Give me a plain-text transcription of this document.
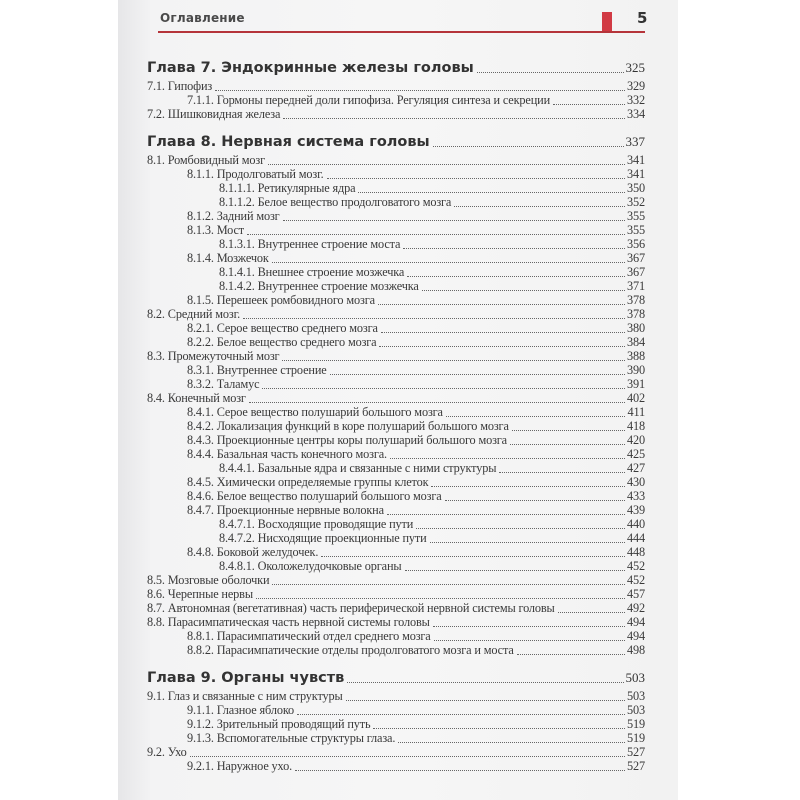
Оглавление	5
Глава 7. Эндокринные железы головы	325
7.1. Гипофиз	329
7.1.1. Гормоны передней доли гипофиза. Регуляция синтеза и секреции	332
7.2. Шишковидная железа	334
Глава 8. Нервная система головы	337
8.1. Ромбовидный мозг	341
8.1.1. Продолговатый мозг.	341
8.1.1.1. Ретикулярные ядра	350
8.1.1.2. Белое вещество продолговатого мозга	352
8.1.2. Задний мозг	355
8.1.3. Мост	355
8.1.3.1. Внутреннее строение моста	356
8.1.4. Мозжечок	367
8.1.4.1. Внешнее строение мозжечка	367
8.1.4.2. Внутреннее строение мозжечка	371
8.1.5. Перешеек ромбовидного мозга	378
8.2. Средний мозг.	378
8.2.1. Серое вещество среднего мозга	380
8.2.2. Белое вещество среднего мозга	384
8.3. Промежуточный мозг	388
8.3.1. Внутреннее строение	390
8.3.2. Таламус	391
8.4. Конечный мозг	402
8.4.1. Серое вещество полушарий большого мозга	411
8.4.2. Локализация функций в коре полушарий большого мозга	418
8.4.3. Проекционные центры коры полушарий большого мозга	420
8.4.4. Базальная часть конечного мозга.	425
8.4.4.1. Базальные ядра и связанные с ними структуры	427
8.4.5. Химически определяемые группы клеток	430
8.4.6. Белое вещество полушарий большого мозга	433
8.4.7. Проекционные нервные волокна	439
8.4.7.1. Восходящие проводящие пути	440
8.4.7.2. Нисходящие проекционные пути	444
8.4.8. Боковой желудочек.	448
8.4.8.1. Околожелудочковые органы	452
8.5. Мозговые оболочки	452
8.6. Черепные нервы	457
8.7. Автономная (вегетативная) часть периферической нервной системы головы	492
8.8. Парасимпатическая часть нервной системы головы	494
8.8.1. Парасимпатический отдел среднего мозга	494
8.8.2. Парасимпатические отделы продолговатого мозга и моста	498
Глава 9. Органы чувств	503
9.1. Глаз и связанные с ним структуры	503
9.1.1. Глазное яблоко	503
9.1.2. Зрительный проводящий путь	519
9.1.3. Вспомогательные структуры глаза.	519
9.2. Ухо	527
9.2.1. Наружное ухо.	527
